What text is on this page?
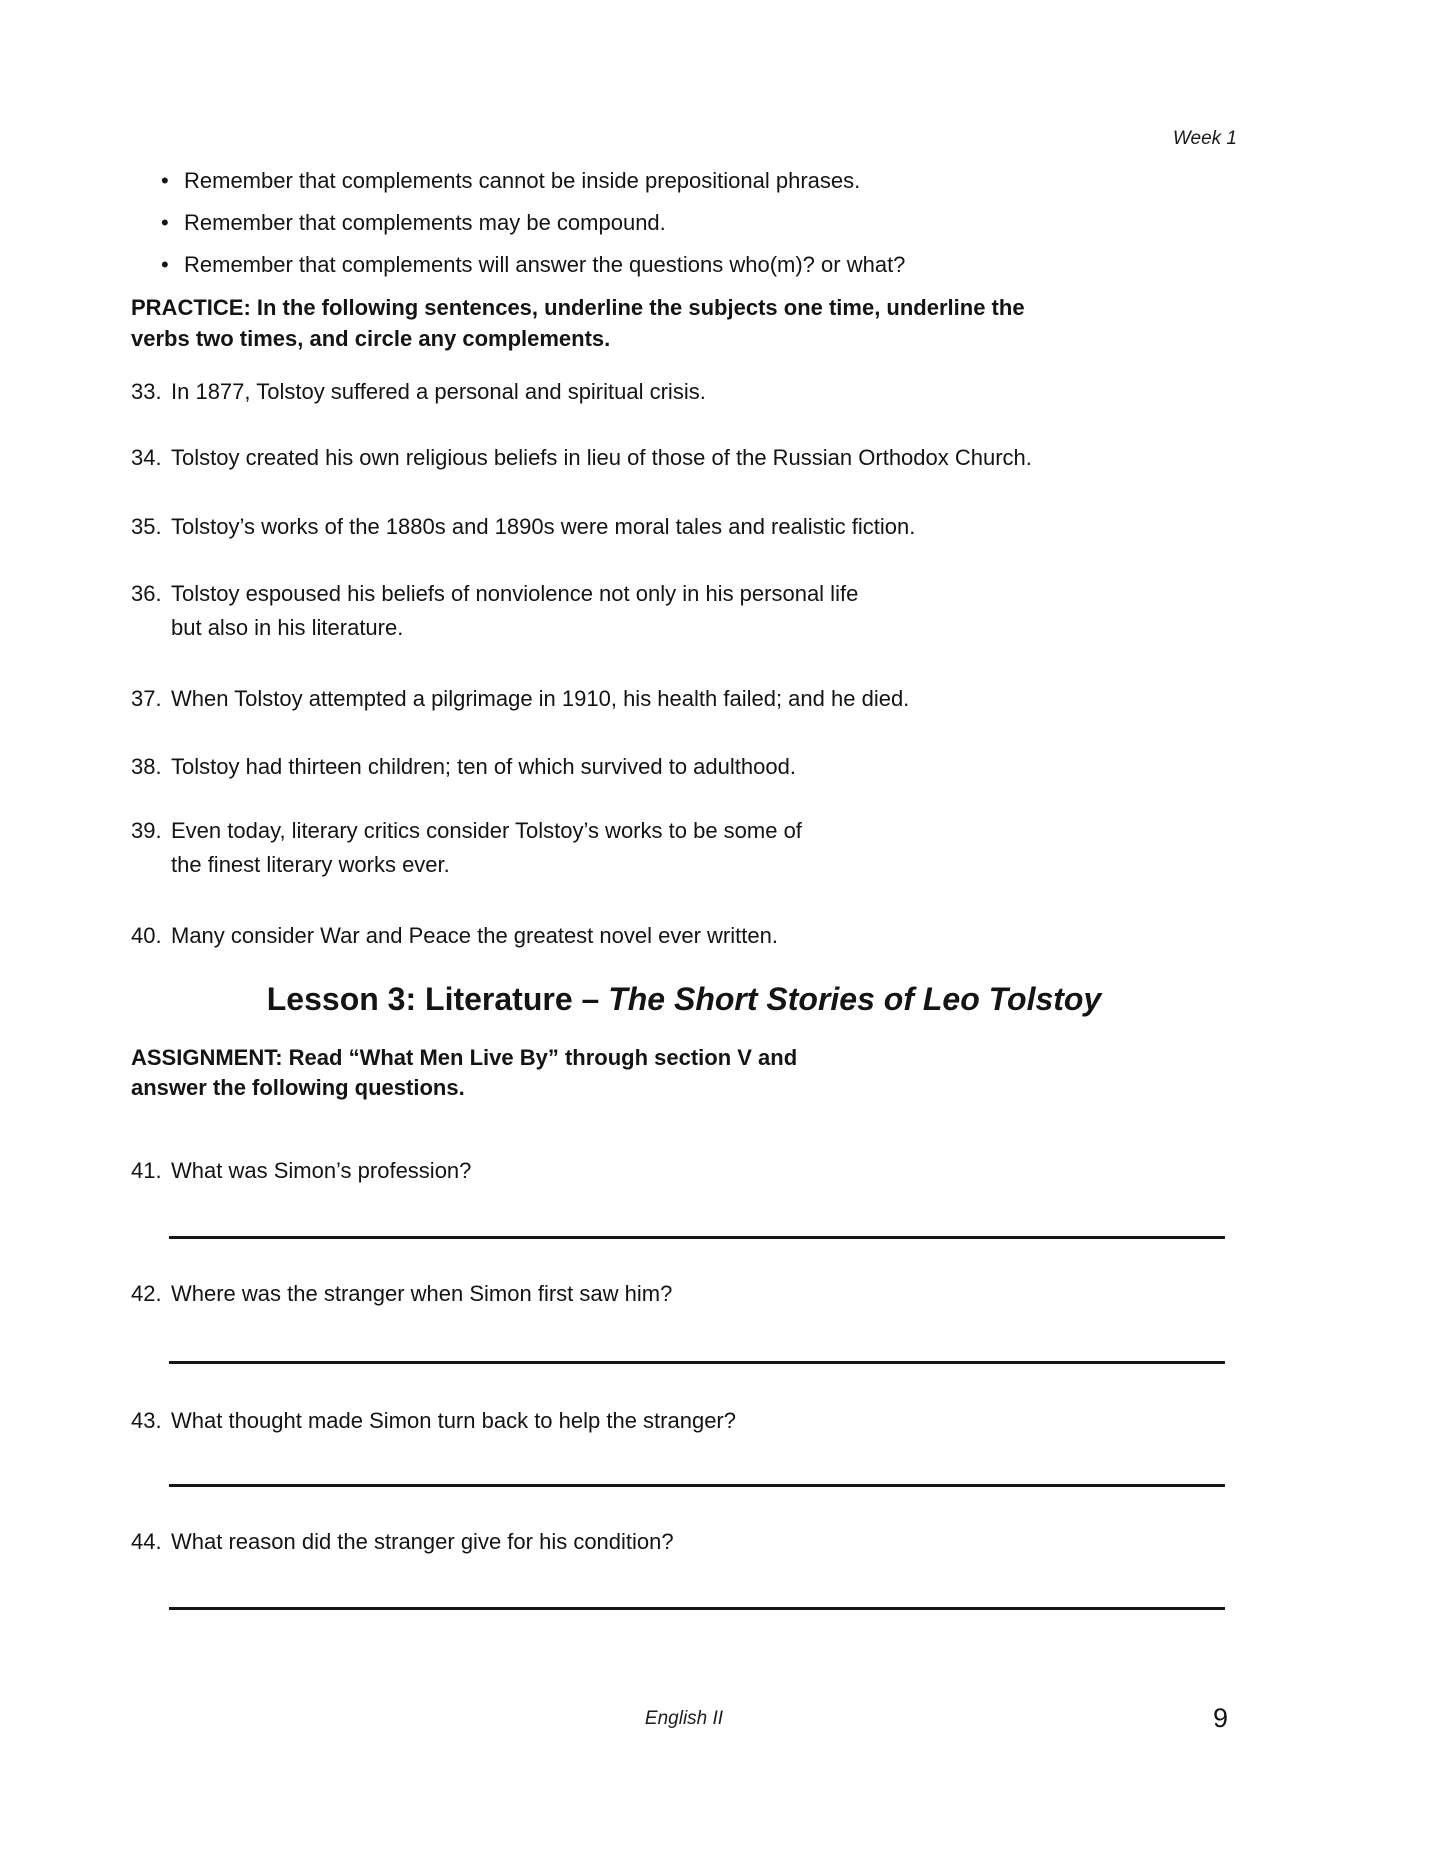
Week 1
• Remember that complements cannot be inside prepositional phrases.
• Remember that complements may be compound.
• Remember that complements will answer the questions who(m)? or what?
PRACTICE: In the following sentences, underline the subjects one time, underline the
verbs two times, and circle any complements.
33. In 1877, Tolstoy suffered a personal and spiritual crisis.
34. Tolstoy created his own religious beliefs in lieu of those of the Russian Orthodox Church.
35. Tolstoy’s works of the 1880s and 1890s were moral tales and realistic fiction.
36. Tolstoy espoused his beliefs of nonviolence not only in his personal life
but also in his literature.
37. When Tolstoy attempted a pilgrimage in 1910, his health failed; and he died.
38. Tolstoy had thirteen children; ten of which survived to adulthood.
39. Even today, literary critics consider Tolstoy’s works to be some of
the finest literary works ever.
40. Many consider War and Peace the greatest novel ever written.
Lesson 3: Literature – The Short Stories of Leo Tolstoy
ASSIGNMENT: Read “What Men Live By” through section V and
answer the following questions.
41. What was Simon’s profession?
42. Where was the stranger when Simon first saw him?
43. What thought made Simon turn back to help the stranger?
44. What reason did the stranger give for his condition?
English II	9
